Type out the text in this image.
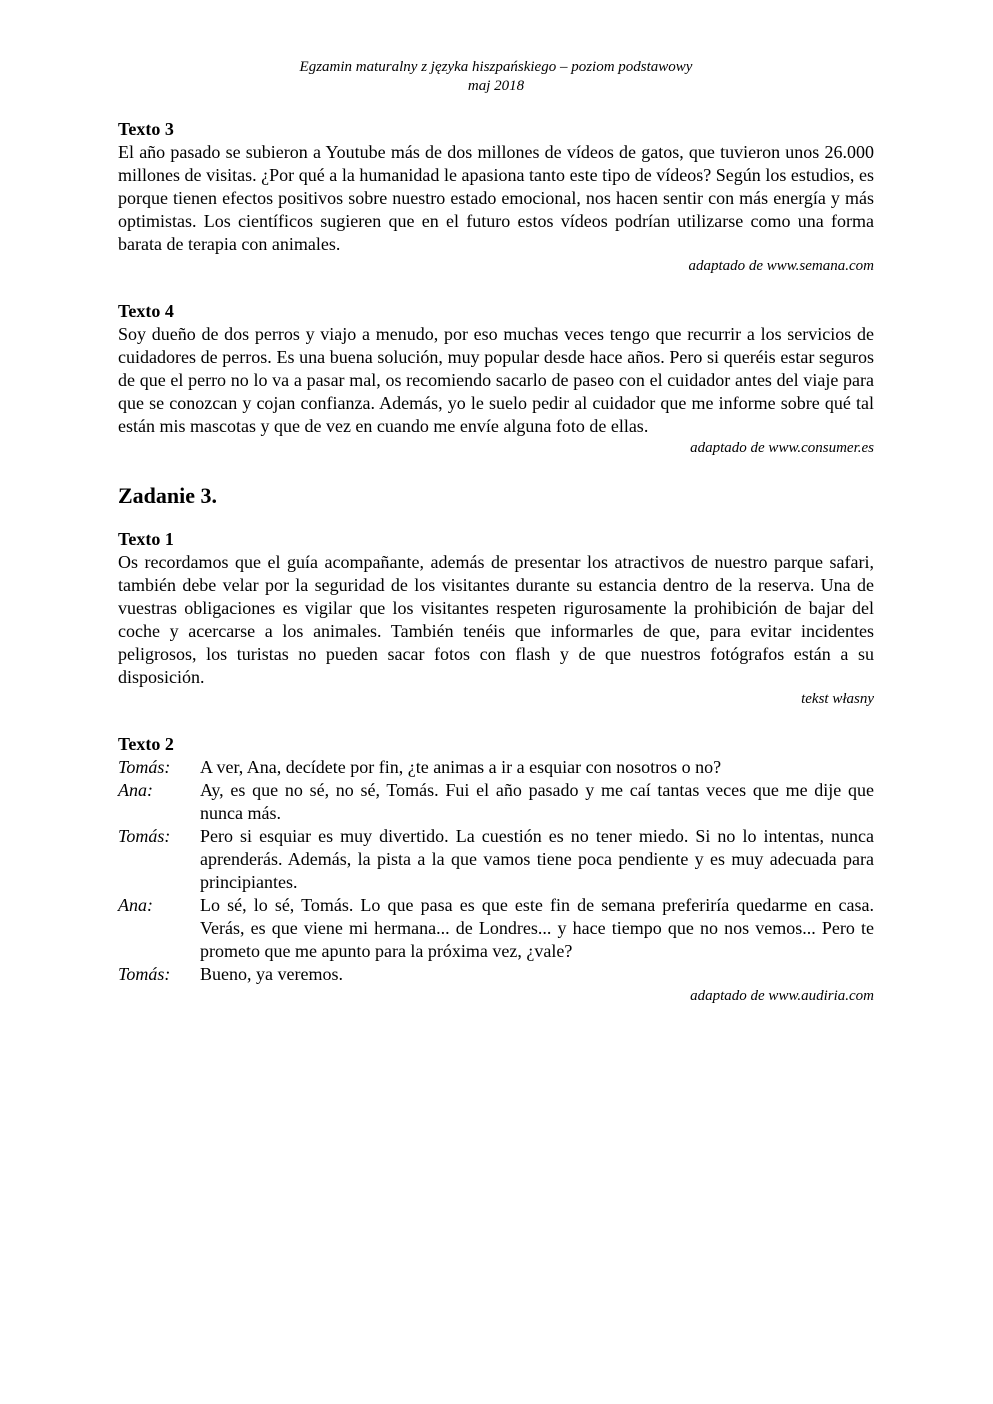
Egzamin maturalny z języka hiszpańskiego – poziom podstawowy
maj 2018
Texto 3
El año pasado se subieron a Youtube más de dos millones de vídeos de gatos, que tuvieron unos 26.000 millones de visitas. ¿Por qué a la humanidad le apasiona tanto este tipo de vídeos? Según los estudios, es porque tienen efectos positivos sobre nuestro estado emocional, nos hacen sentir con más energía y más optimistas. Los científicos sugieren que en el futuro estos vídeos podrían utilizarse como una forma barata de terapia con animales.
adaptado de www.semana.com
Texto 4
Soy dueño de dos perros y viajo a menudo, por eso muchas veces tengo que recurrir a los servicios de cuidadores de perros. Es una buena solución, muy popular desde hace años. Pero si queréis estar seguros de que el perro no lo va a pasar mal, os recomiendo sacarlo de paseo con el cuidador antes del viaje para que se conozcan y cojan confianza. Además, yo le suelo pedir al cuidador que me informe sobre qué tal están mis mascotas y que de vez en cuando me envíe alguna foto de ellas.
adaptado de www.consumer.es
Zadanie 3.
Texto 1
Os recordamos que el guía acompañante, además de presentar los atractivos de nuestro parque safari, también debe velar por la seguridad de los visitantes durante su estancia dentro de la reserva. Una de vuestras obligaciones es vigilar que los visitantes respeten rigurosamente la prohibición de bajar del coche y acercarse a los animales. También tenéis que informarles de que, para evitar incidentes peligrosos, los turistas no pueden sacar fotos con flash y de que nuestros fotógrafos están a su disposición.
tekst własny
Texto 2
Tomás:	A ver, Ana, decídete por fin, ¿te animas a ir a esquiar con nosotros o no?
Ana:	Ay, es que no sé, no sé, Tomás. Fui el año pasado y me caí tantas veces que me dije que nunca más.
Tomás:	Pero si esquiar es muy divertido. La cuestión es no tener miedo. Si no lo intentas, nunca aprenderás. Además, la pista a la que vamos tiene poca pendiente y es muy adecuada para principiantes.
Ana:	Lo sé, lo sé, Tomás. Lo que pasa es que este fin de semana preferiría quedarme en casa. Verás, es que viene mi hermana... de Londres... y hace tiempo que no nos vemos... Pero te prometo que me apunto para la próxima vez, ¿vale?
Tomás:	Bueno, ya veremos.
adaptado de www.audiria.com
